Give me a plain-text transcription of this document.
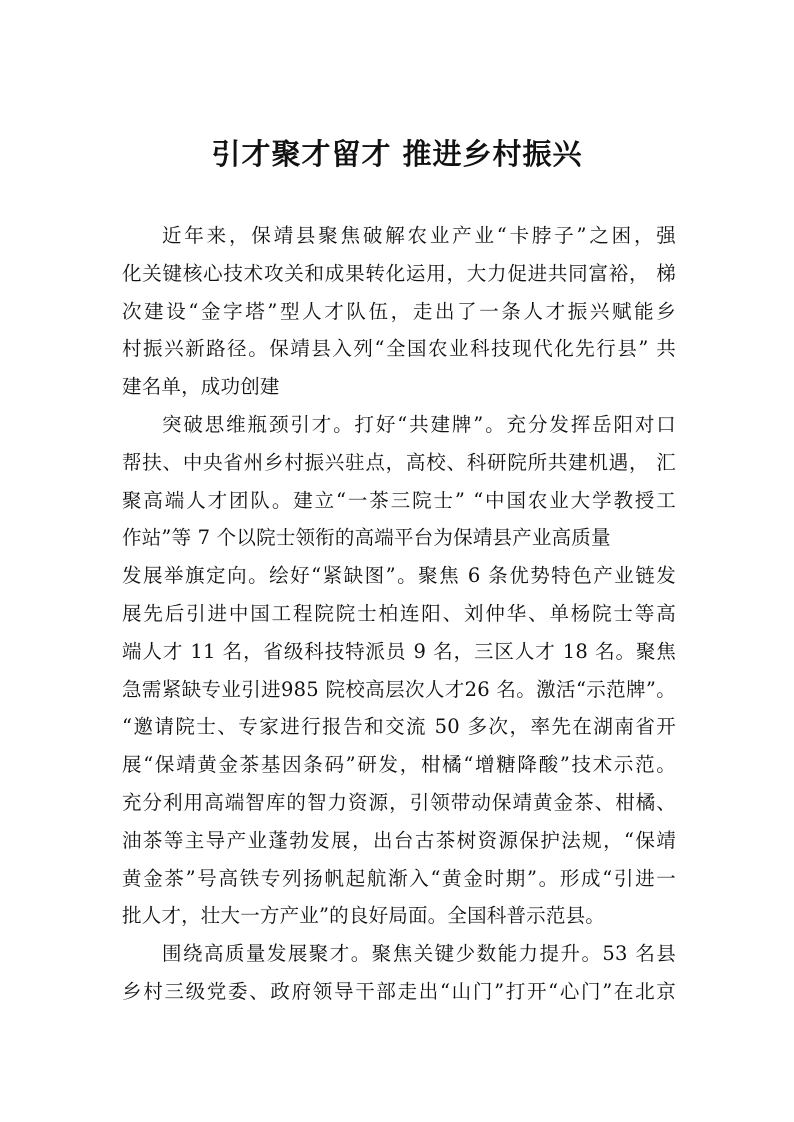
引才聚才留才 推进乡村振兴
近年来，保靖县聚焦破解农业产业“卡脖子”之困，强
化关键核心技术攻关和成果转化运用，大力促进共同富裕， 梯
次建设“金字塔”型人才队伍，走出了一条人才振兴赋能乡
村振兴新路径。保靖县入列“全国农业科技现代化先行县” 共
建名单，成功创建
突破思维瓶颈引才。打好“共建牌”。充分发挥岳阳对口
帮扶、中央省州乡村振兴驻点，高校、科研院所共建机遇， 汇
聚高端人才团队。建立“一茶三院士” “中国农业大学教授工
作站”等 7 个以院士领衔的高端平台为保靖县产业高质量
发展举旗定向。绘好“紧缺图”。聚焦 6 条优势特色产业链发
展先后引进中国工程院院士柏连阳、刘仲华、单杨院士等高
端人才 11 名，省级科技特派员 9 名，三区人才 18 名。聚焦
急需紧缺专业引进985 院校高层次人才26 名。激活“示范牌”。
“邀请院士、专家进行报告和交流 50 多次，率先在湖南省开
展“保靖黄金茶基因条码”研发，柑橘“增糖降酸”技术示范。
充分利用高端智库的智力资源，引领带动保靖黄金茶、柑橘、
油茶等主导产业蓬勃发展，出台古茶树资源保护法规，“保靖
黄金茶”号高铁专列扬帆起航渐入“黄金时期”。形成“引进一
批人才，壮大一方产业”的良好局面。全国科普示范县。
围绕高质量发展聚才。聚焦关键少数能力提升。53 名县
乡村三级党委、政府领导干部走出“山门”打开“心门”在北京
